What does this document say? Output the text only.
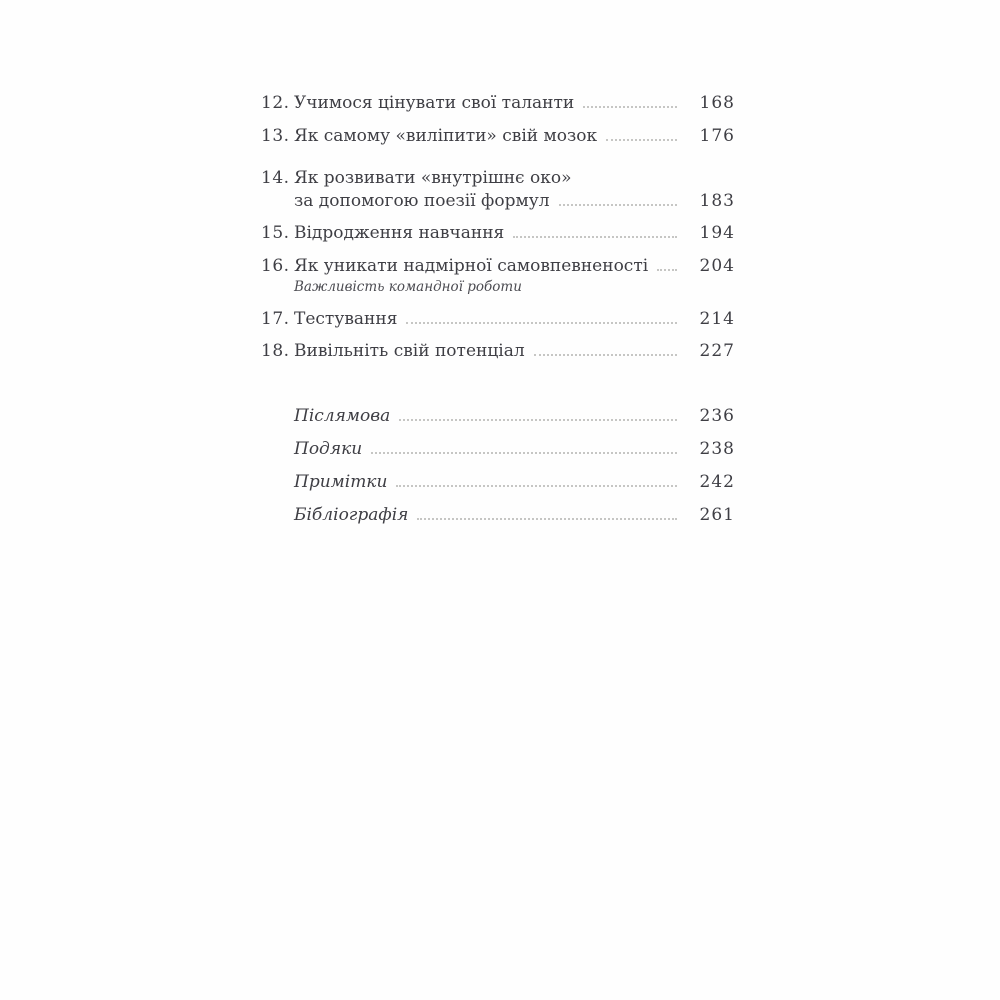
12. Учимося цінувати свої таланти	168
13. Як самому «виліпити» свій мозок	176
14. Як розвивати «внутрішнє око»
за допомогою поезії формул	183
15. Відродження навчання	194
16. Як уникати надмірної самовпевненості	204
Важливість командної роботи
17. Тестування	214
18. Вивільніть свій потенціал	227
Післямова	236
Подяки	238
Примітки	242
Бібліографія	261
